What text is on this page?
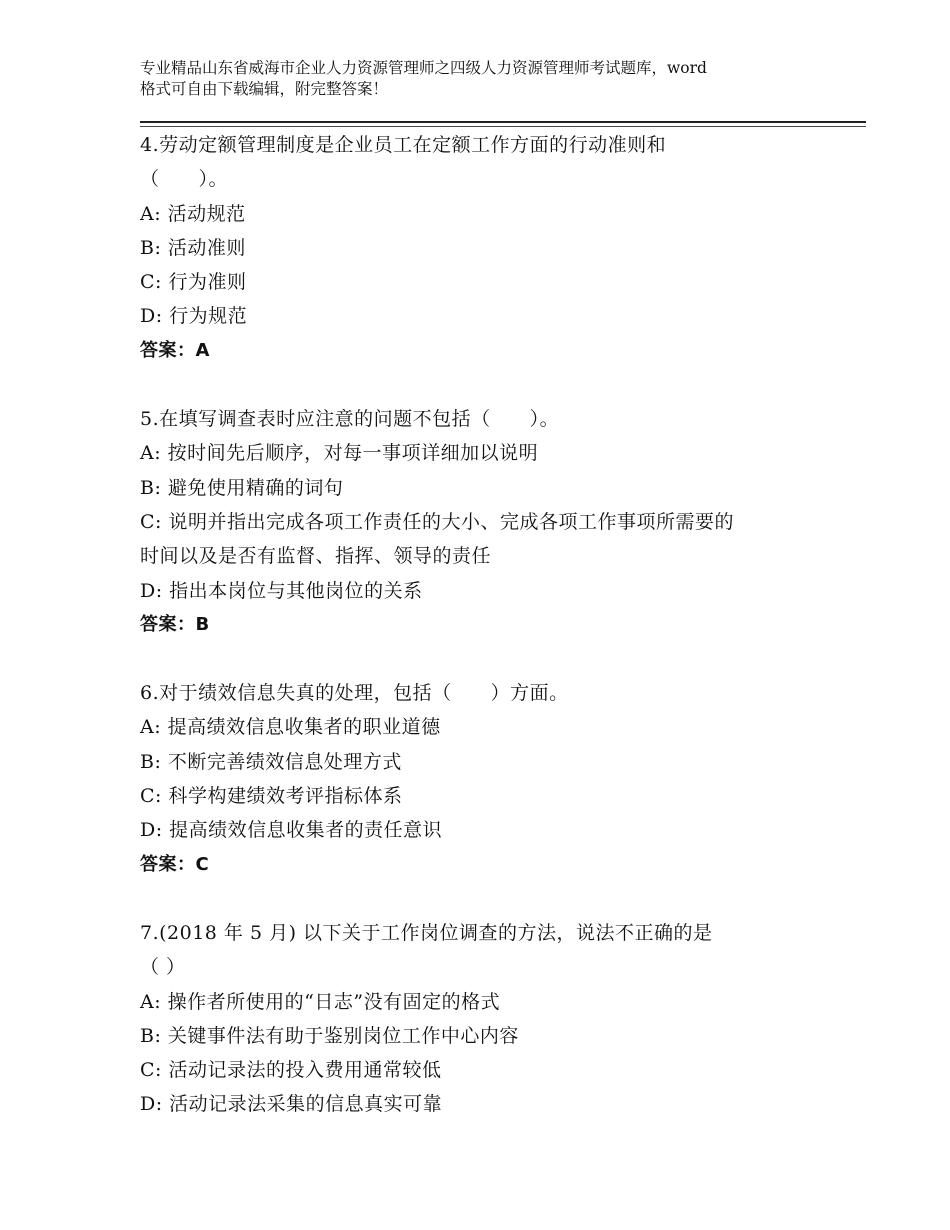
专业精品山东省威海市企业人力资源管理师之四级人力资源管理师考试题库，word
格式可自由下载编辑，附完整答案！
4.劳动定额管理制度是企业员工在定额工作方面的行动准则和
（　　）。
A: 活动规范
B: 活动准则
C: 行为准则
D: 行为规范
答案：A
5.在填写调查表时应注意的问题不包括（　　）。
A: 按时间先后顺序，对每一事项详细加以说明
B: 避免使用精确的词句
C: 说明并指出完成各项工作责任的大小、完成各项工作事项所需要的
时间以及是否有监督、指挥、领导的责任
D: 指出本岗位与其他岗位的关系
答案：B
6.对于绩效信息失真的处理，包括（　　）方面。
A: 提高绩效信息收集者的职业道德
B: 不断完善绩效信息处理方式
C: 科学构建绩效考评指标体系
D: 提高绩效信息收集者的责任意识
答案：C
7.(2018 年 5 月) 以下关于工作岗位调查的方法，说法不正确的是
（ ）
A: 操作者所使用的“日志”没有固定的格式
B: 关键事件法有助于鉴别岗位工作中心内容
C: 活动记录法的投入费用通常较低
D: 活动记录法采集的信息真实可靠
